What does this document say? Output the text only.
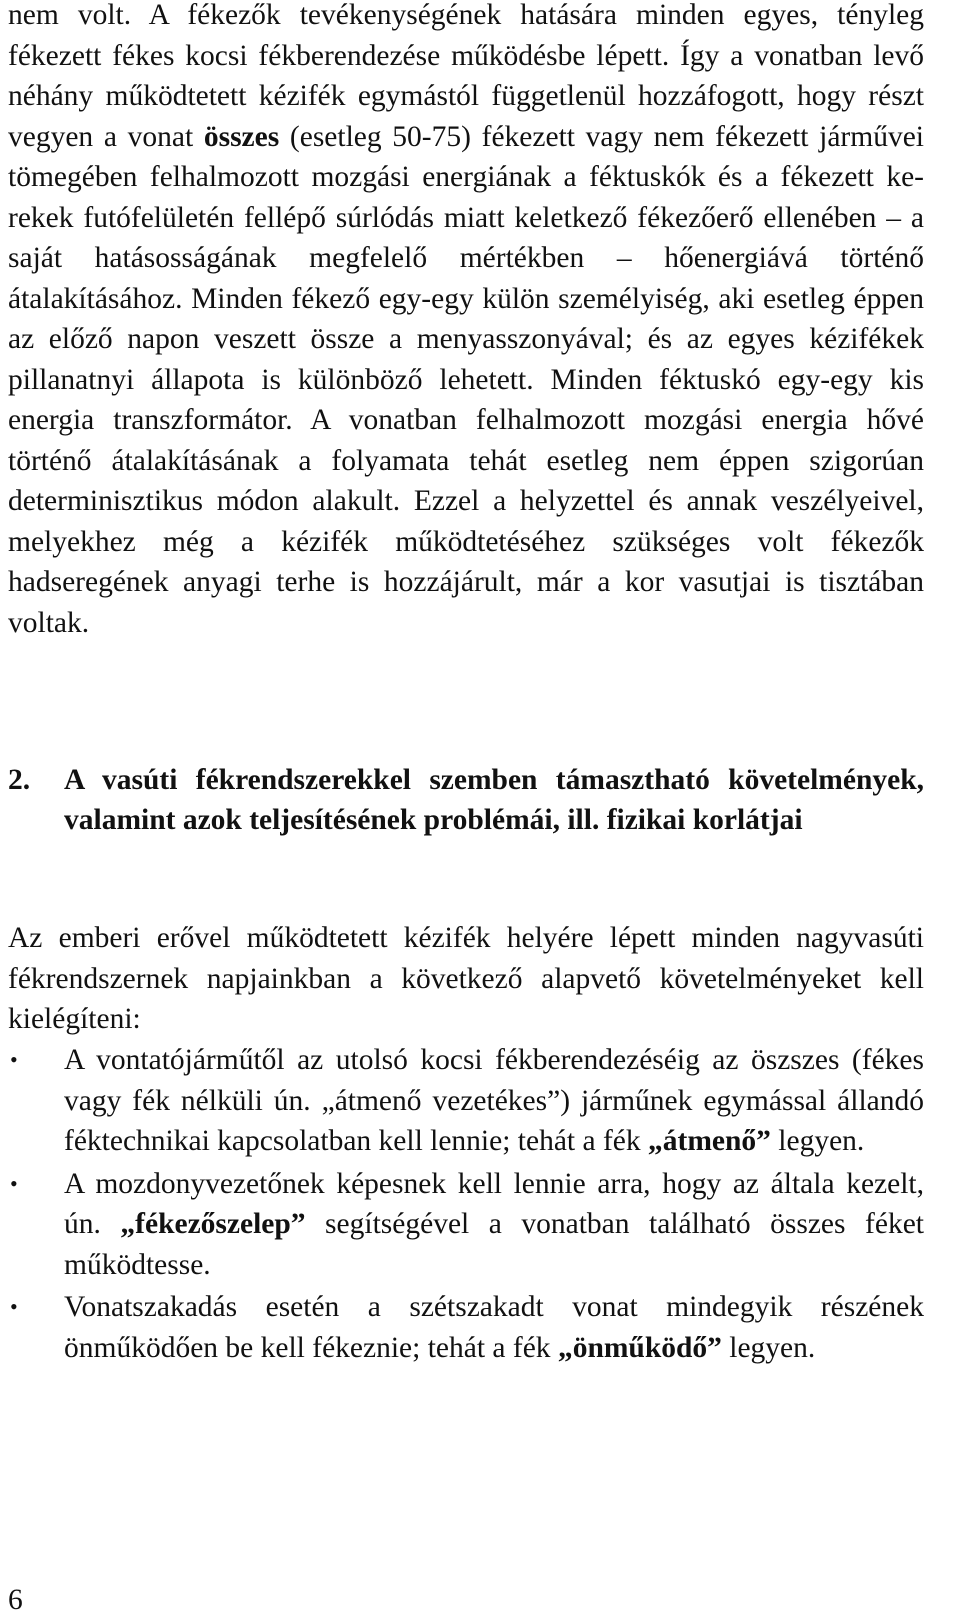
nem volt. A fékezők tevékenységének hatására minden egyes, tényleg fékezett fékes kocsi fékberendezése működésbe lépett. Így a vonatban levő néhány működtetett kézifék egymástól függetlenül hozzáfogott, hogy részt vegyen a vonat összes (esetleg 50-75) fékezett vagy nem fékezett járművei tömegében felhalmozott mozgási energiának a féktuskók és a fékezett kerekek futófelületén fellépő súrlódás miatt keletkező fékezőerő ellenében – a saját hatásosságának megfelelő mértékben – hőenergiává történő átalakításához. Minden fékező egy-egy külön személyiség, aki esetleg éppen az előző napon veszett össze a menyasszonyával; és az egyes kézifékek pillanatnyi állapota is különböző lehetett. Minden féktuskó egy-egy kis energia transzformátor. A vonatban felhalmozott mozgási energia hővé történő átalakításának a folyamata tehát esetleg nem éppen szigorúan determinisztikus módon alakult. Ezzel a helyzettel és annak veszélyeivel, melyekhez még a kézifék működtetéséhez szükséges volt fékezők hadseregének anyagi terhe is hozzájárult, már a kor vasutjai is tisztában voltak.

2.	A vasúti fékrendszerekkel szemben támasztható követelmények, valamint azok teljesítésének problémái, ill. fizikai korlátjai

Az emberi erővel működtetett kézifék helyére lépett minden nagyvasúti fékrendszernek napjainkban a következő alapvető követelményeket kell kielégíteni:

•	A vontatójárműtől az utolsó kocsi fékberendezéséig az öszszes (fékes vagy fék nélküli ún. „átmenő vezetékes”) járműnek egymással állandó féktechnikai kapcsolatban kell lennie; tehát a fék „átmenő” legyen.
•	A mozdonyvezetőnek képesnek kell lennie arra, hogy az általa kezelt, ún. „fékezőszelep” segítségével a vonatban található összes féket működtesse.
•	Vonatszakadás esetén a szétszakadt vonat mindegyik részének önműködően be kell fékeznie; tehát a fék „önműködő” legyen.
6
